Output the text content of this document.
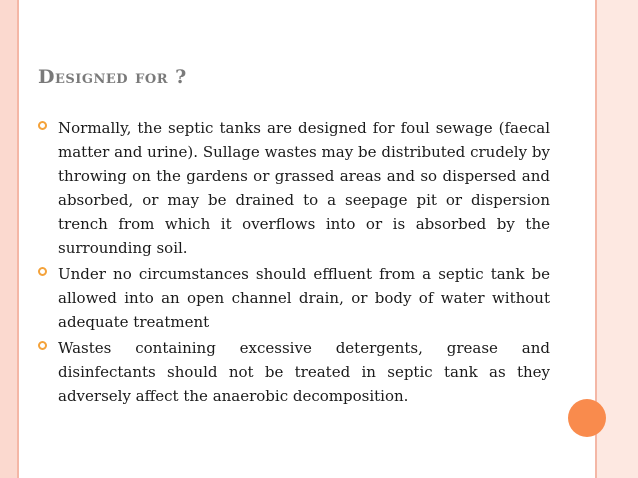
Designed for ?
Normally, the septic tanks are designed for foul sewage (faecal matter and urine). Sullage wastes may be distributed crudely by throwing on the gardens or grassed areas and so dispersed and absorbed, or may be drained to a seepage pit or dispersion trench from which it overflows into or is absorbed by the surrounding soil.
Under no circumstances should effluent from a septic tank be allowed into an open channel drain, or body of water without adequate treatment
Wastes containing excessive detergents, grease and disinfectants should not be treated in septic tank as they adversely affect the anaerobic decomposition.
